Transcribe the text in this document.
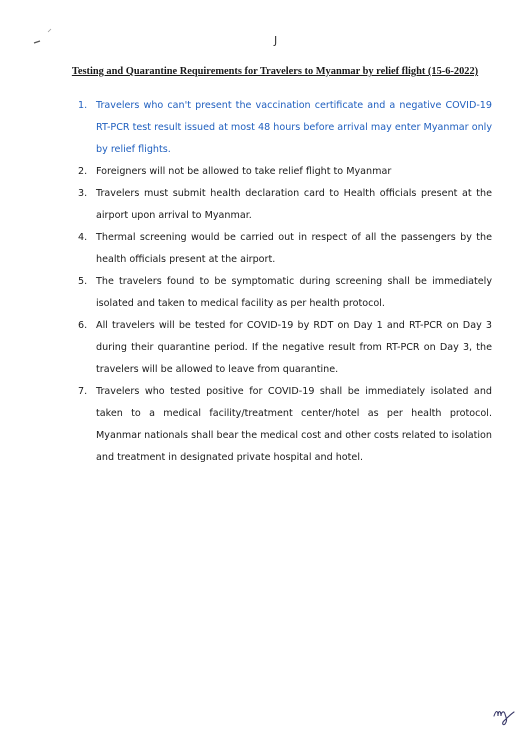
J
Testing and Quarantine Requirements for Travelers to Myanmar by relief flight (15-6-2022)
1. Travelers who can't present the vaccination certificate and a negative COVID-19 RT-PCR test result issued at most 48 hours before arrival may enter Myanmar only by relief flights.
2. Foreigners will not be allowed to take relief flight to Myanmar
3. Travelers must submit health declaration card to Health officials present at the airport upon arrival to Myanmar.
4. Thermal screening would be carried out in respect of all the passengers by the health officials present at the airport.
5. The travelers found to be symptomatic during screening shall be immediately isolated and taken to medical facility as per health protocol.
6. All travelers will be tested for COVID-19 by RDT on Day 1 and RT-PCR on Day 3 during their quarantine period. If the negative result from RT-PCR on Day 3, the travelers will be allowed to leave from quarantine.
7. Travelers who tested positive for COVID-19 shall be immediately isolated and taken to a medical facility/treatment center/hotel as per health protocol. Myanmar nationals shall bear the medical cost and other costs related to isolation and treatment in designated private hospital and hotel.
